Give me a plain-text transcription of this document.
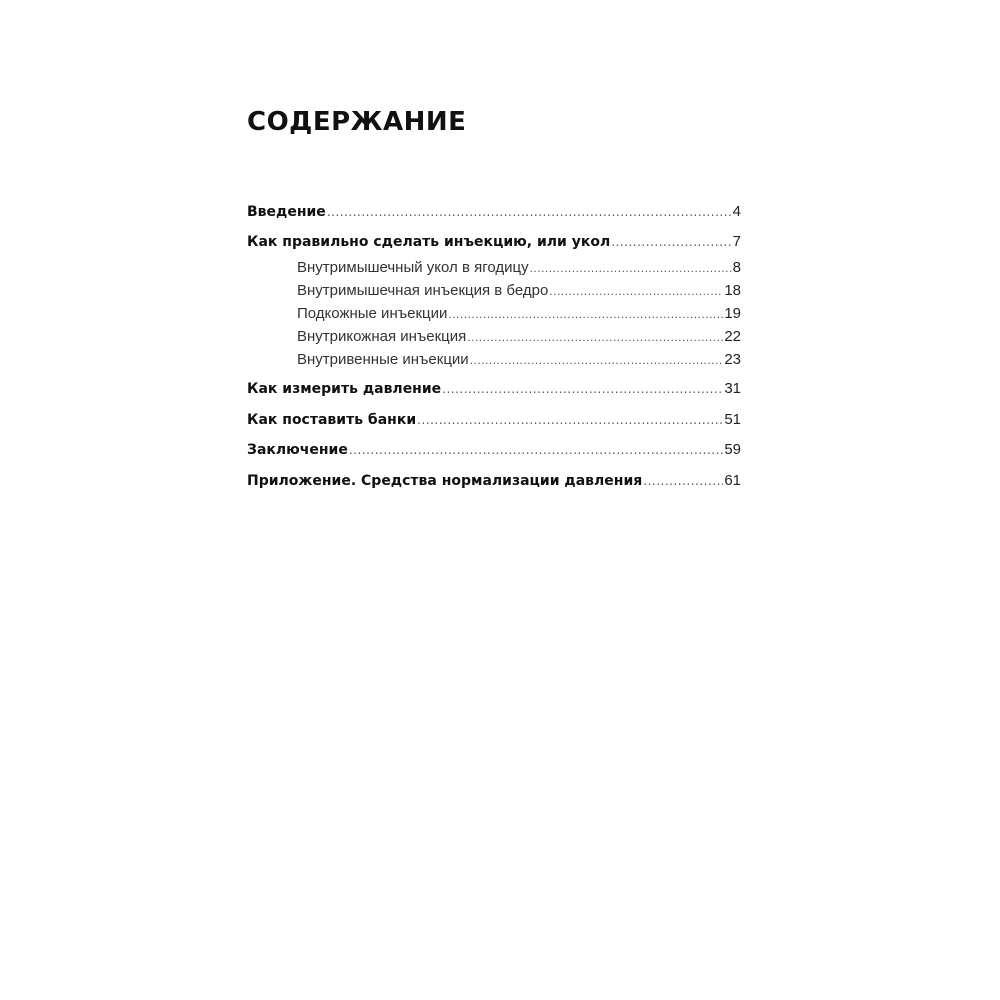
СОДЕРЖАНИЕ
Введение .....	4
Как правильно сделать инъекцию, или укол .....	7
Внутримышечный укол в ягодицу .....	8
Внутримышечная инъекция в бедро .....	18
Подкожные инъекции .....	19
Внутрикожная инъекция .....	22
Внутривенные инъекции .....	23
Как измерить давление .....	31
Как поставить банки .....	51
Заключение .....	59
Приложение. Средства нормализации давления .....	61
